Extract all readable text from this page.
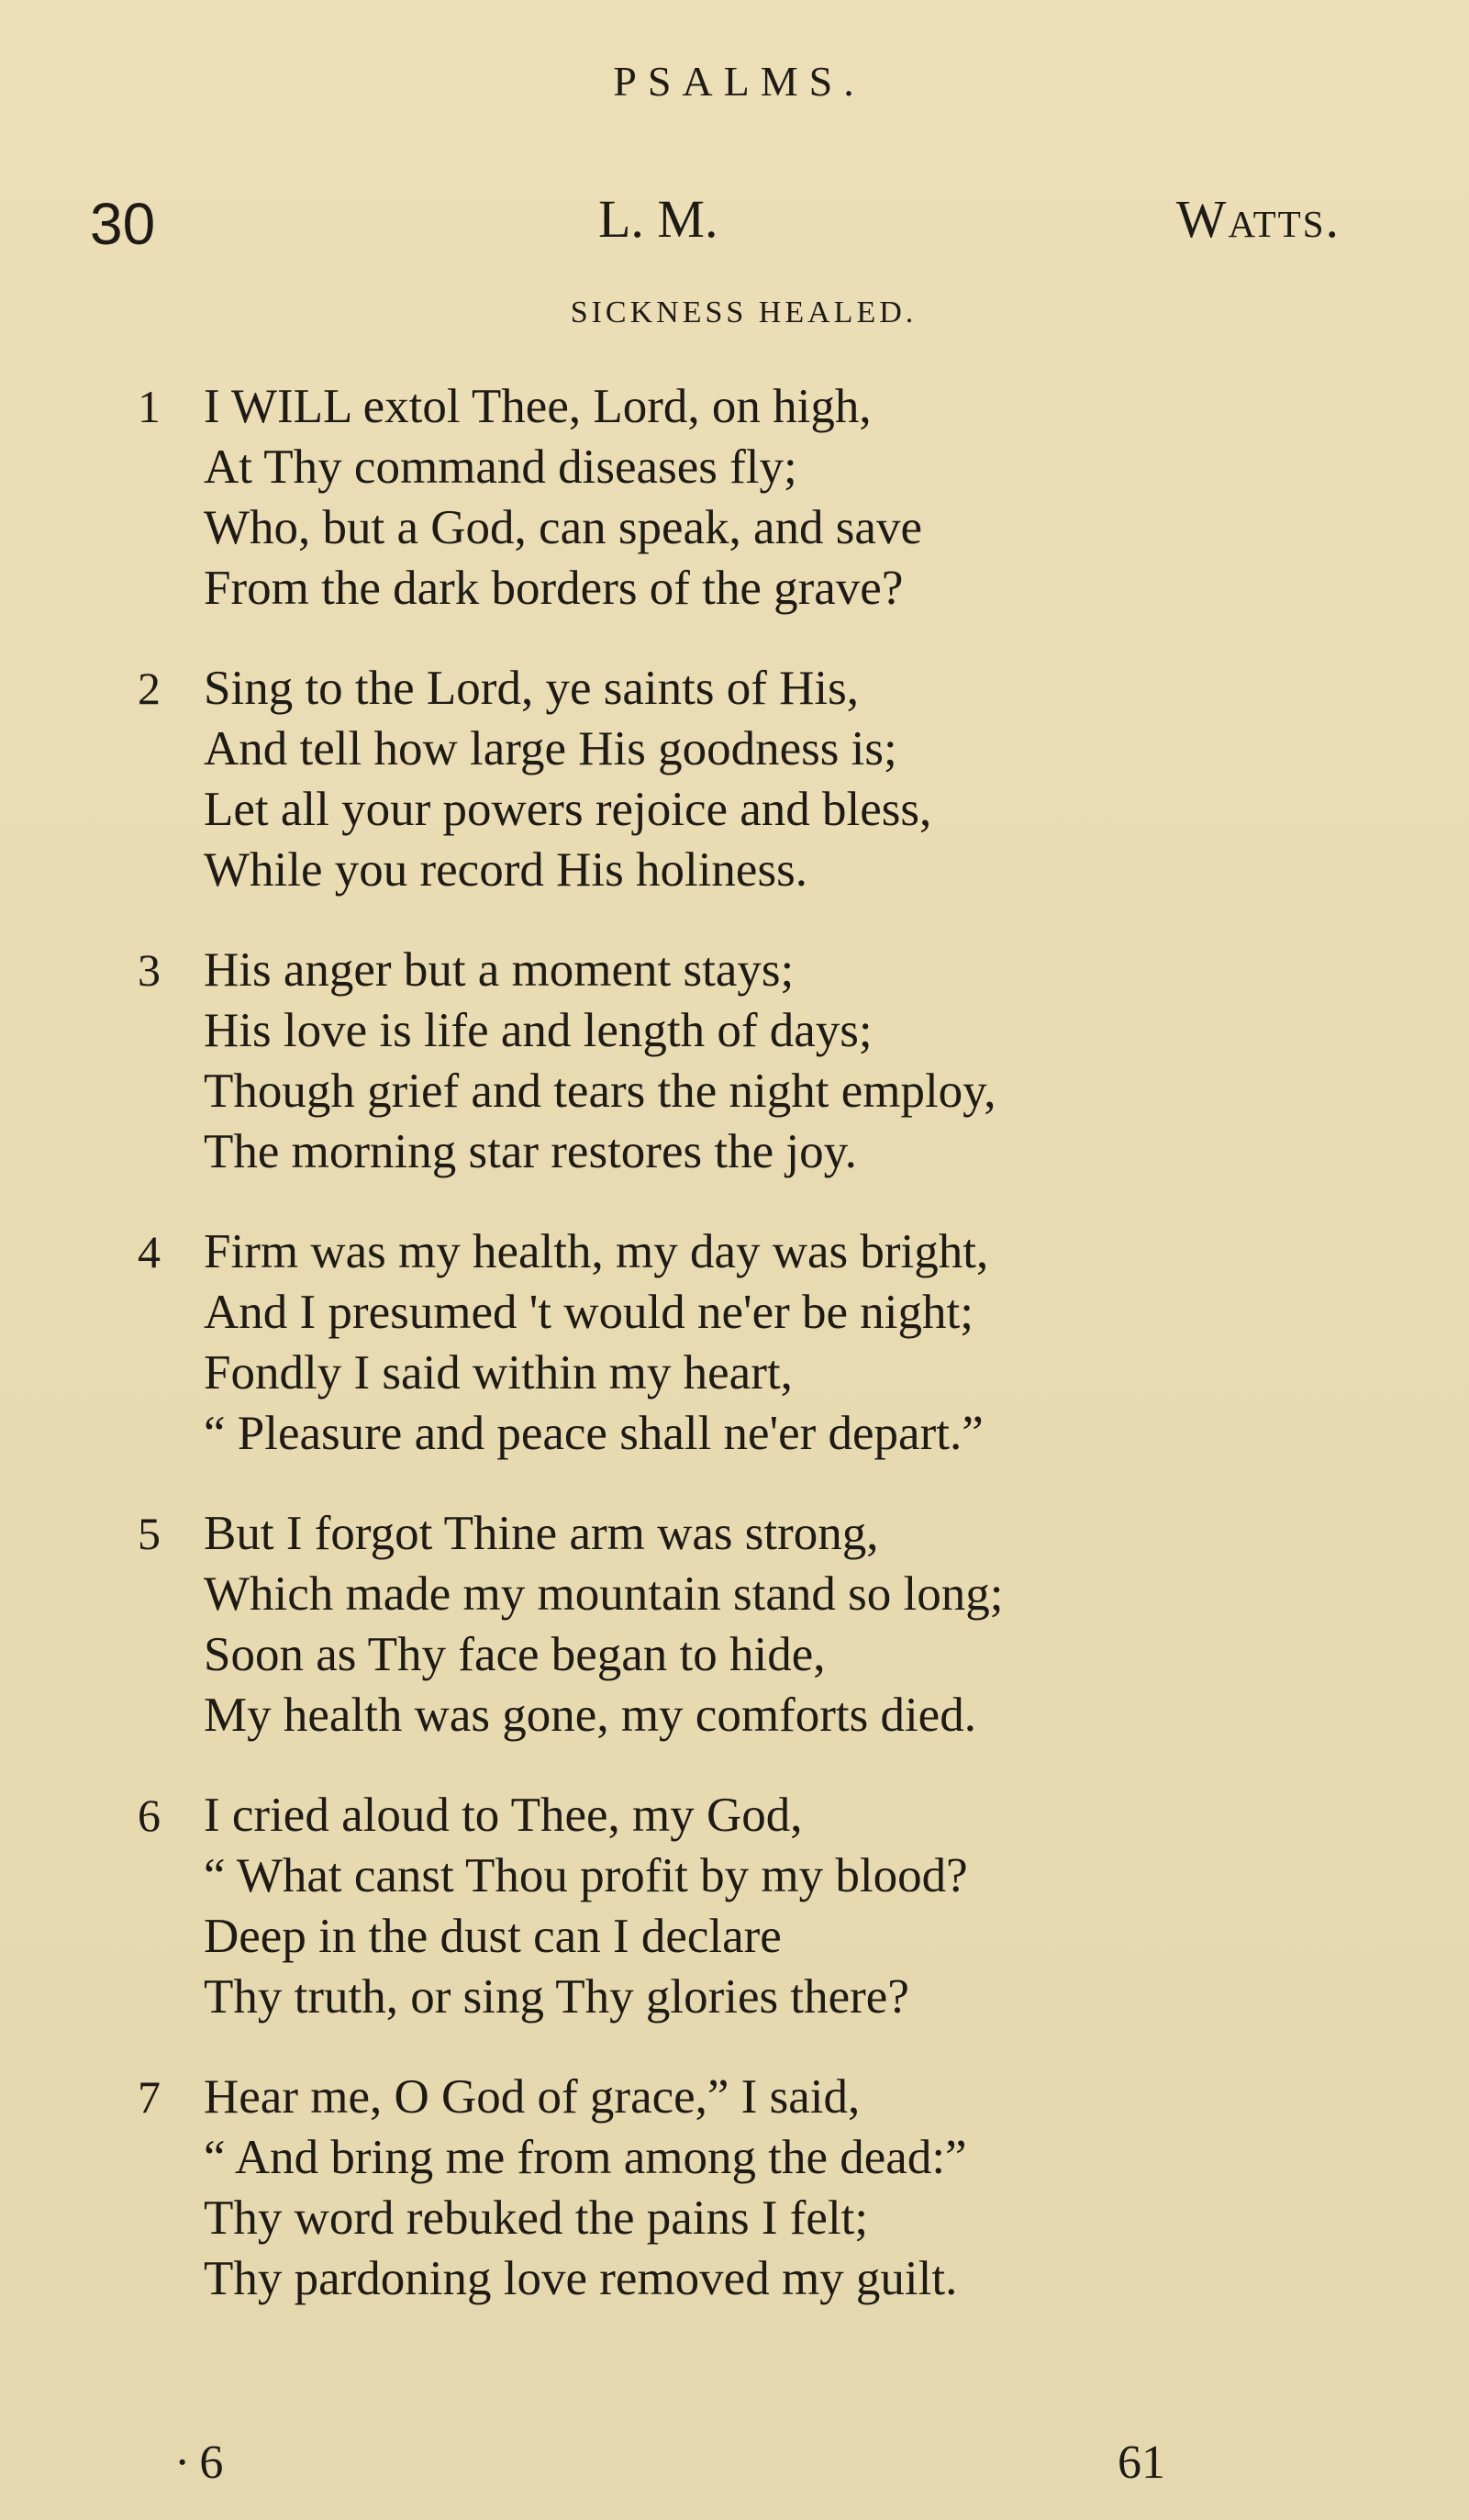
PSALMS.
30	L. M.	Watts.
SICKNESS HEALED.
1 I WILL extol Thee, Lord, on high,
At Thy command diseases fly;
Who, but a God, can speak, and save
From the dark borders of the grave?
2 Sing to the Lord, ye saints of His,
And tell how large His goodness is;
Let all your powers rejoice and bless,
While you record His holiness.
3 His anger but a moment stays;
His love is life and length of days;
Though grief and tears the night employ,
The morning star restores the joy.
4 Firm was my health, my day was bright,
And I presumed 't would ne'er be night;
Fondly I said within my heart,
“ Pleasure and peace shall ne'er depart.”
5 But I forgot Thine arm was strong,
Which made my mountain stand so long;
Soon as Thy face began to hide,
My health was gone, my comforts died.
6 I cried aloud to Thee, my God,
“ What canst Thou profit by my blood?
Deep in the dust can I declare
Thy truth, or sing Thy glories there?
7 Hear me, O God of grace,” I said,
“ And bring me from among the dead:”
Thy word rebuked the pains I felt;
Thy pardoning love removed my guilt.
· 6	61
